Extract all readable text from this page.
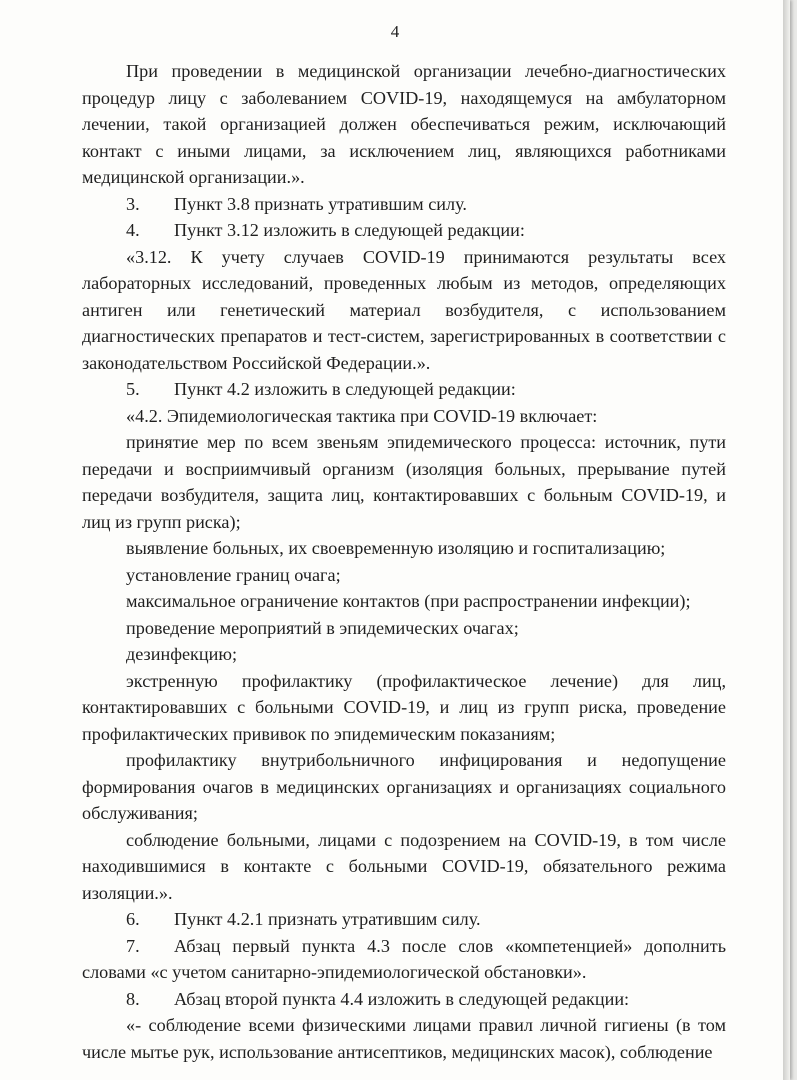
4

При проведении в медицинской организации лечебно-диагностических процедур лицу с заболеванием COVID-19, находящемуся на амбулаторном лечении, такой организацией должен обеспечиваться режим, исключающий контакт с иными лицами, за исключением лиц, являющихся работниками медицинской организации.».

3. Пункт 3.8 признать утратившим силу.

4. Пункт 3.12 изложить в следующей редакции:

«3.12. К учету случаев COVID-19 принимаются результаты всех лабораторных исследований, проведенных любым из методов, определяющих антиген или генетический материал возбудителя, с использованием диагностических препаратов и тест-систем, зарегистрированных в соответствии с законодательством Российской Федерации.».

5. Пункт 4.2 изложить в следующей редакции:

«4.2. Эпидемиологическая тактика при COVID-19 включает:

принятие мер по всем звеньям эпидемического процесса: источник, пути передачи и восприимчивый организм (изоляция больных, прерывание путей передачи возбудителя, защита лиц, контактировавших с больным COVID-19, и лиц из групп риска);

выявление больных, их своевременную изоляцию и госпитализацию;

установление границ очага;

максимальное ограничение контактов (при распространении инфекции);

проведение мероприятий в эпидемических очагах;

дезинфекцию;

экстренную профилактику (профилактическое лечение) для лиц, контактировавших с больными COVID-19, и лиц из групп риска, проведение профилактических прививок по эпидемическим показаниям;

профилактику внутрибольничного инфицирования и недопущение формирования очагов в медицинских организациях и организациях социального обслуживания;

соблюдение больными, лицами с подозрением на COVID-19, в том числе находившимися в контакте с больными COVID-19, обязательного режима изоляции.».

6. Пункт 4.2.1 признать утратившим силу.

7. Абзац первый пункта 4.3 после слов «компетенцией» дополнить словами «с учетом санитарно-эпидемиологической обстановки».

8. Абзац второй пункта 4.4 изложить в следующей редакции:

«- соблюдение всеми физическими лицами правил личной гигиены (в том числе мытье рук, использование антисептиков, медицинских масок), соблюдение
